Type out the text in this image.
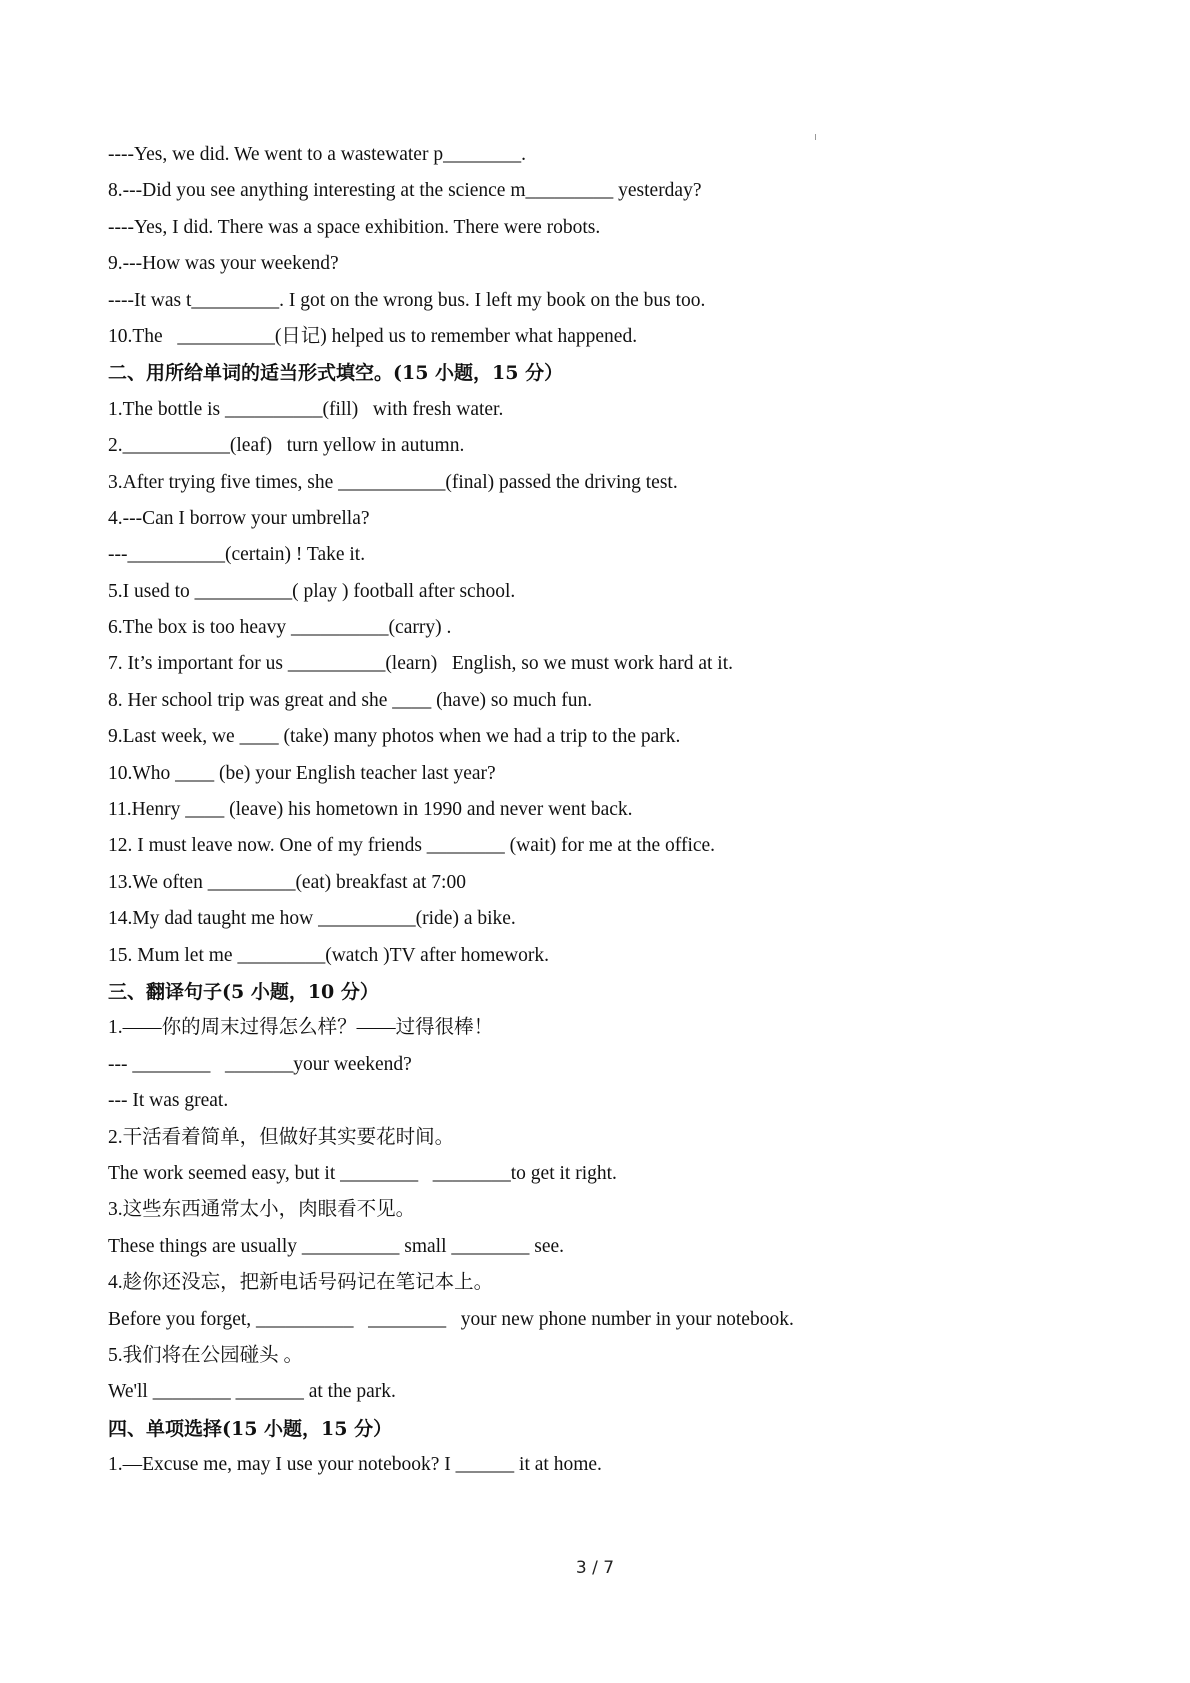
----Yes, we did. We went to a wastewater p________.
8.---Did you see anything interesting at the science m_________ yesterday?
----Yes, I did. There was a space exhibition. There were robots.
9.---How was your weekend?
----It was t_________. I got on the wrong bus. I left my book on the bus too.
10.The   __________(日记) helped us to remember what happened.
二、用所给单词的适当形式填空。(15 小题，15 分）
1.The bottle is __________(fill)   with fresh water.
2.___________(leaf)   turn yellow in autumn.
3.After trying five times, she ___________(final) passed the driving test.
4.---Can I borrow your umbrella?
---__________(certain) ! Take it.
5.I used to __________( play ) football after school.
6.The box is too heavy __________(carry) .
7. It’s important for us __________(learn)   English, so we must work hard at it.
8. Her school trip was great and she ____ (have) so much fun.
9.Last week, we ____ (take) many photos when we had a trip to the park.
10.Who ____ (be) your English teacher last year?
11.Henry ____ (leave) his hometown in 1990 and never went back.
12. I must leave now. One of my friends ________ (wait) for me at the office.
13.We often _________(eat) breakfast at 7:00
14.My dad taught me how __________(ride) a bike.
15. Mum let me _________(watch )TV after homework.
三、翻译句子(5 小题，10 分）
1.——你的周末过得怎么样？——过得很棒！
--- ________   _______your weekend?
--- It was great.
2.干活看着简单，但做好其实要花时间。
The work seemed easy, but it ________   ________to get it right.
3.这些东西通常太小，肉眼看不见。
These things are usually __________ small ________ see.
4.趁你还没忘，把新电话号码记在笔记本上。
Before you forget, __________   ________   your new phone number in your notebook.
5.我们将在公园碰头 。
We'll ________ _______ at the park.
四、单项选择(15 小题，15 分）
1.—Excuse me, may I use your notebook? I ______ it at home.
3 / 7
